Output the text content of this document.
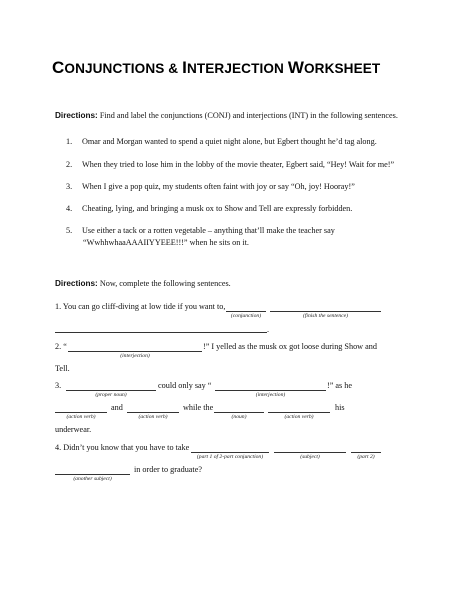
CONJUNCTIONS & INTERJECTION WORKSHEET
Directions: Find and label the conjunctions (CONJ) and interjections (INT) in the following sentences.
1. Omar and Morgan wanted to spend a quiet night alone, but Egbert thought he’d tag along.
2. When they tried to lose him in the lobby of the movie theater, Egbert said, “Hey! Wait for me!”
3. When I give a pop quiz, my students often faint with joy or say “Oh, joy! Hooray!”
4. Cheating, lying, and bringing a musk ox to Show and Tell are expressly forbidden.
5. Use either a tack or a rotten vegetable – anything that’ll make the teacher say
“WwhhwhaaAAAIIYYEEE!!!” when he sits on it.
Directions: Now, complete the following sentences.
1. You can go cliff-diving at low tide if you want to,
(conjunction)	(finish the sentence)
.
2. “
(interjection)
!” I yelled as the musk ox got loose during Show and
Tell.
3.
(proper noun)
could only say “
(interjection)
!” as he
(action verb)
and
(action verb)
while the
(noun)	(action verb)
his
underwear.
4. Didn’t you know that you have to take
(part 1 of 2-part conjunction)	(subject)	(part 2)
(another subject)
in order to graduate?
